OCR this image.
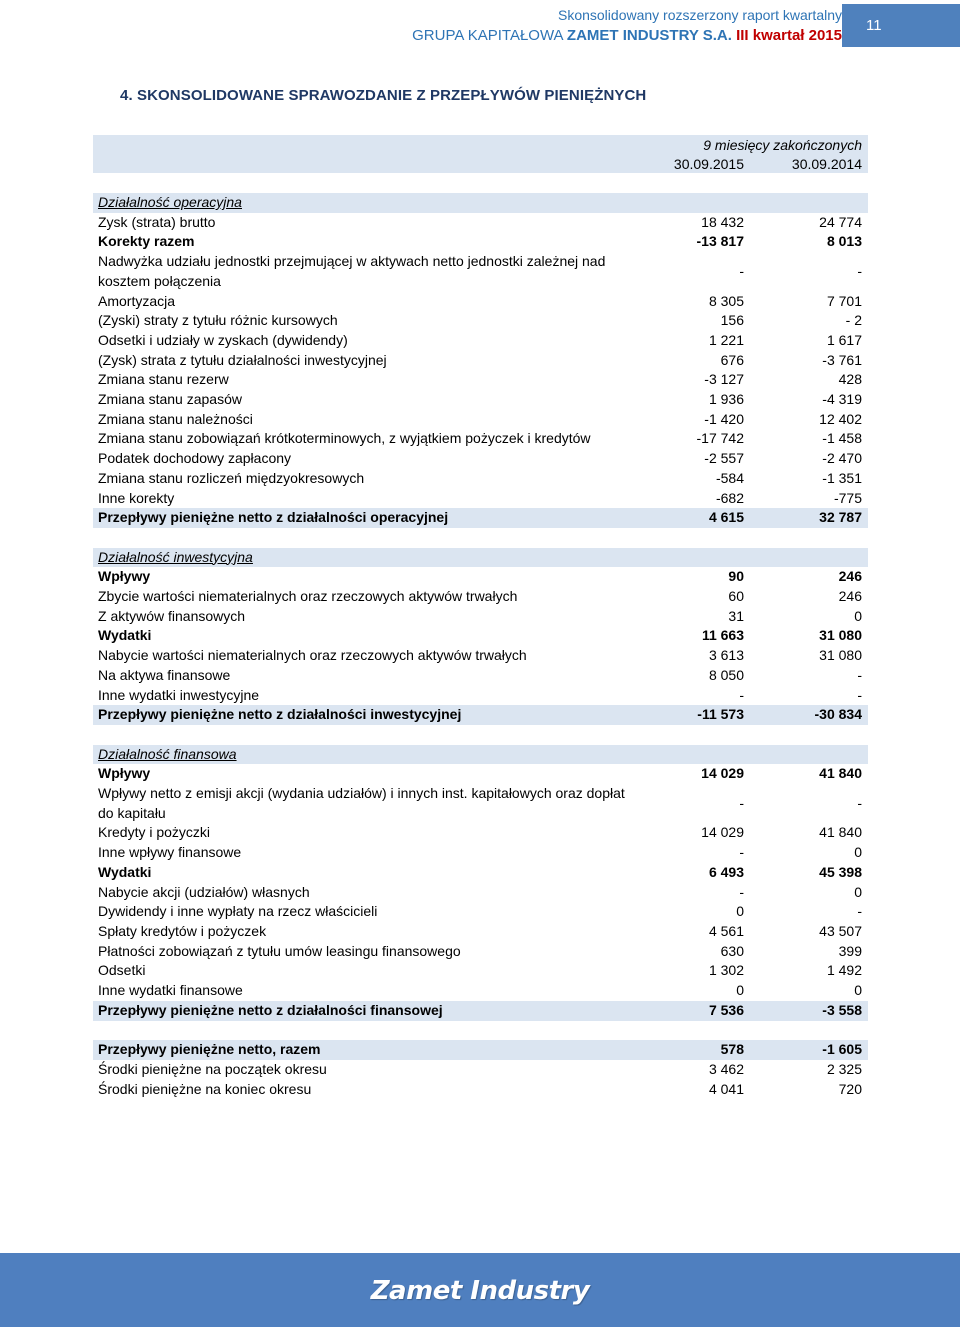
Skonsolidowany rozszerzony raport kwartalny
GRUPA KAPITAŁOWA ZAMET INDUSTRY S.A. III kwartał 2015
11
4. SKONSOLIDOWANE SPRAWOZDANIE Z PRZEPŁYWÓW PIENIĘŻNYCH
9 miesięcy zakończonych
30.09.2015	30.09.2014
Działalność operacyjna
Zysk (strata) brutto	18 432	24 774
Korekty razem	-13 817	8 013
Nadwyżka udziału jednostki przejmującej w aktywach netto jednostki zależnej nad kosztem połączenia
-	-
Amortyzacja	8 305	7 701
(Zyski) straty z tytułu różnic kursowych	156	- 2
Odsetki i udziały w zyskach (dywidendy)	1 221	1 617
(Zysk) strata z tytułu działalności inwestycyjnej	676	-3 761
Zmiana stanu rezerw	-3 127	428
Zmiana stanu zapasów	1 936	-4 319
Zmiana stanu należności	-1 420	12 402
Zmiana stanu zobowiązań krótkoterminowych, z wyjątkiem pożyczek i kredytów	-17 742	-1 458
Podatek dochodowy zapłacony	-2 557	-2 470
Zmiana stanu rozliczeń międzyokresowych	-584	-1 351
Inne korekty	-682	-775
Przepływy pieniężne netto z działalności operacyjnej	4 615	32 787
Działalność inwestycyjna
Wpływy	90	246
Zbycie wartości niematerialnych oraz rzeczowych aktywów trwałych	60	246
Z aktywów finansowych	31	0
Wydatki	11 663	31 080
Nabycie wartości niematerialnych oraz rzeczowych aktywów trwałych	3 613	31 080
Na aktywa finansowe	8 050	-
Inne wydatki inwestycyjne	-	-
Przepływy pieniężne netto z działalności inwestycyjnej	-11 573	-30 834
Działalność finansowa
Wpływy	14 029	41 840
Wpływy netto z emisji akcji (wydania udziałów) i innych inst. kapitałowych oraz dopłat do kapitału
-	-
Kredyty i pożyczki	14 029	41 840
Inne wpływy finansowe	-	0
Wydatki	6 493	45 398
Nabycie akcji (udziałów) własnych	-	0
Dywidendy i inne wypłaty na rzecz właścicieli	0	-
Spłaty kredytów i pożyczek	4 561	43 507
Płatności zobowiązań z tytułu umów leasingu finansowego	630	399
Odsetki	1 302	1 492
Inne wydatki finansowe	0	0
Przepływy pieniężne netto z działalności finansowej	7 536	-3 558
Przepływy pieniężne netto, razem	578	-1 605
Środki pieniężne na początek okresu	3 462	2 325
Środki pieniężne na koniec okresu	4 041	720
Zamet Industry
